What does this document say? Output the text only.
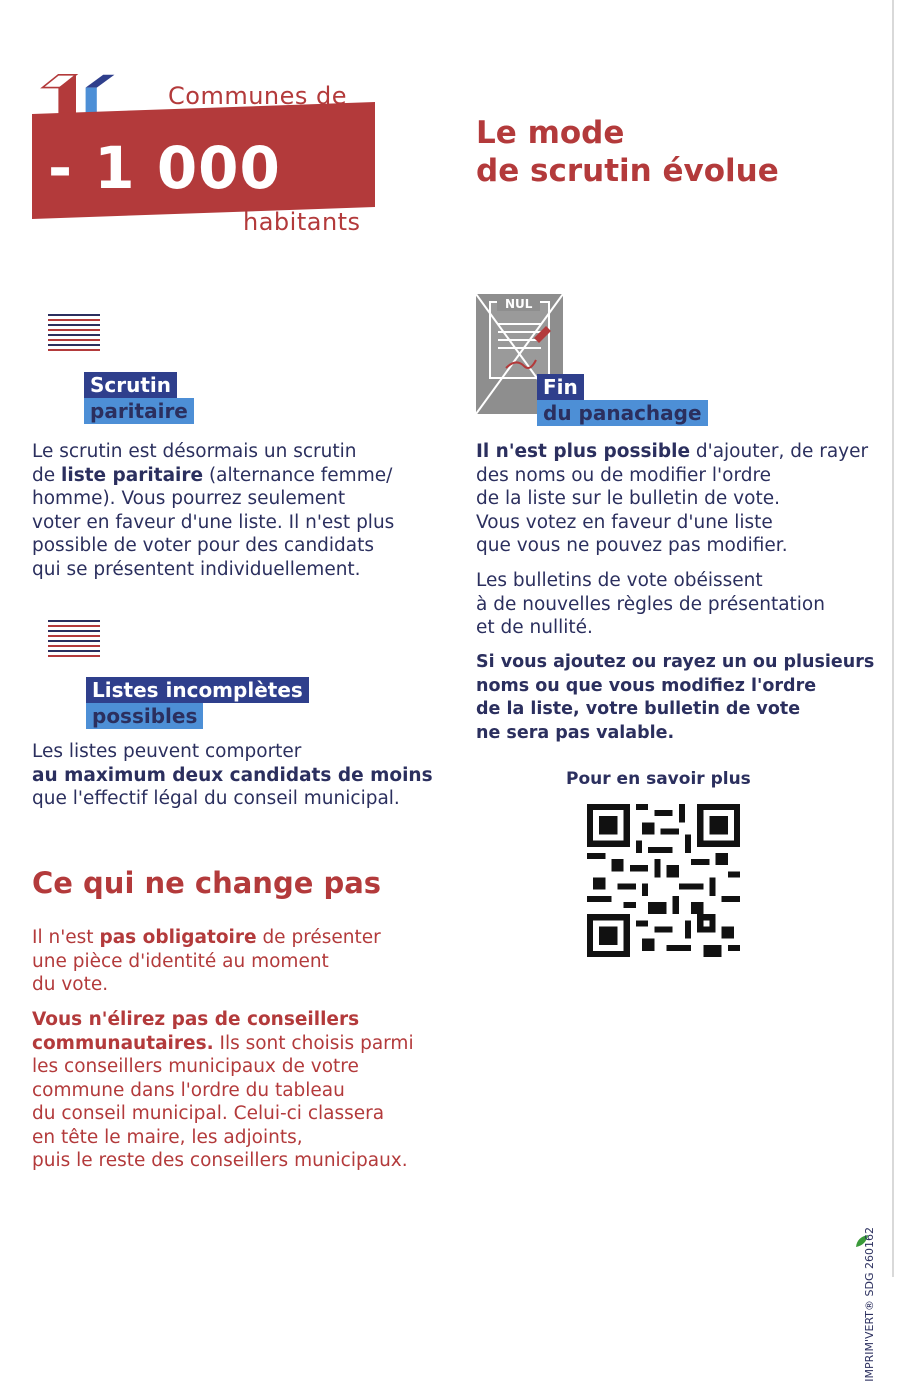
Communes de
- 1 000
habitants
Le mode
de scrutin évolue
Scrutin
paritaire
Le scrutin est désormais un scrutin
de liste paritaire (alternance femme/
homme). Vous pourrez seulement
voter en faveur d'une liste. Il n'est plus
possible de voter pour des candidats
qui se présentent individuellement.
Listes incomplètes
possibles
Les listes peuvent comporter
au maximum deux candidats de moins
que l'effectif légal du conseil municipal.
NUL
Fin
du panachage
Il n'est plus possible d'ajouter, de rayer
des noms ou de modifier l'ordre
de la liste sur le bulletin de vote.
Vous votez en faveur d'une liste
que vous ne pouvez pas modifier.
Les bulletins de vote obéissent
à de nouvelles règles de présentation
et de nullité.
Si vous ajoutez ou rayez un ou plusieurs
noms ou que vous modifiez l'ordre
de la liste, votre bulletin de vote
ne sera pas valable.
Pour en savoir plus
Ce qui ne change pas
Il n'est pas obligatoire de présenter
une pièce d'identité au moment
du vote.
Vous n'élirez pas de conseillers
communautaires. Ils sont choisis parmi
les conseillers municipaux de votre
commune dans l'ordre du tableau
du conseil municipal. Celui-ci classera
en tête le maire, les adjoints,
puis le reste des conseillers municipaux.
IMPRIM'VERT® SDG 260162
